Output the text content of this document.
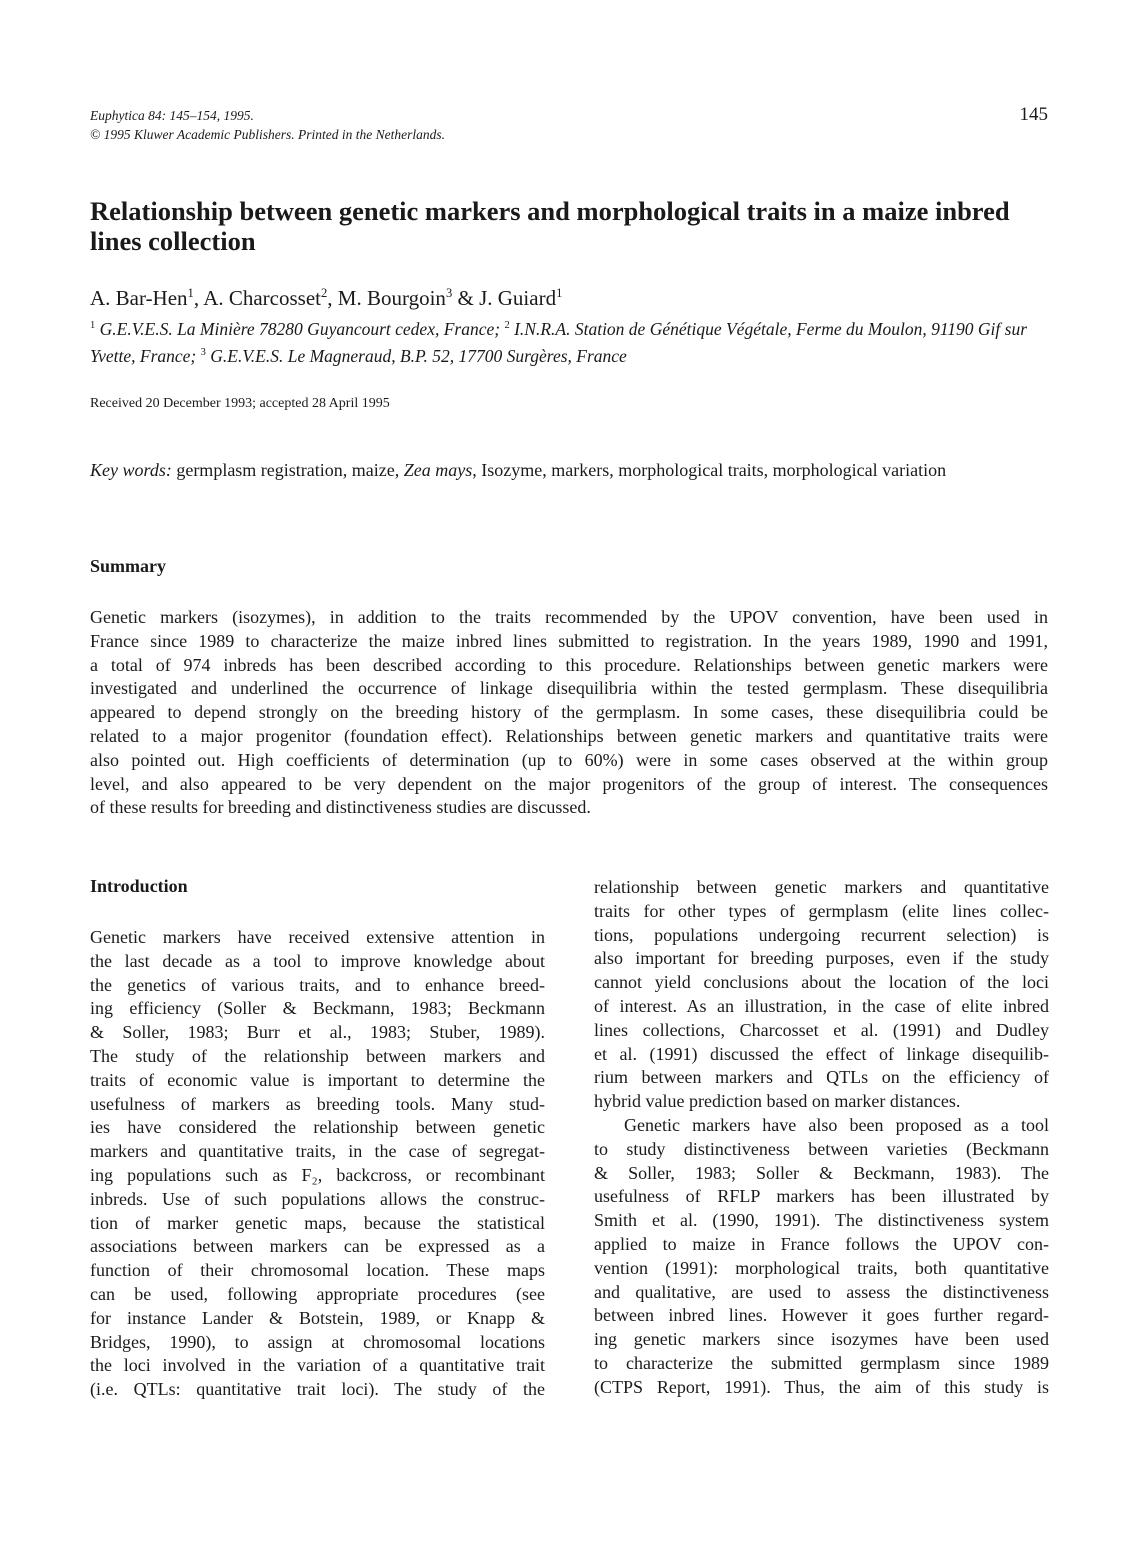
Euphytica 84: 145–154, 1995.
© 1995 Kluwer Academic Publishers. Printed in the Netherlands.
145
Relationship between genetic markers and morphological traits in a maize inbred lines collection
A. Bar-Hen$^1$, A. Charcosset$^2$, M. Bourgoin$^3$ & J. Guiard$^1$
$^1$ G.E.V.E.S. La Minière 78280 Guyancourt cedex, France; $^2$ I.N.R.A. Station de Génétique Végétale, Ferme du Moulon, 91190 Gif sur Yvette, France; $^3$ G.E.V.E.S. Le Magneraud, B.P. 52, 17700 Surgères, France
Received 20 December 1993; accepted 28 April 1995
Key words: germplasm registration, maize, Zea mays, Isozyme, markers, morphological traits, morphological variation
Summary
Genetic markers (isozymes), in addition to the traits recommended by the UPOV convention, have been used in
France since 1989 to characterize the maize inbred lines submitted to registration. In the years 1989, 1990 and 1991,
a total of 974 inbreds has been described according to this procedure. Relationships between genetic markers were
investigated and underlined the occurrence of linkage disequilibria within the tested germplasm. These disequilibria
appeared to depend strongly on the breeding history of the germplasm. In some cases, these disequilibria could be
related to a major progenitor (foundation effect). Relationships between genetic markers and quantitative traits were
also pointed out. High coefficients of determination (up to 60%) were in some cases observed at the within group
level, and also appeared to be very dependent on the major progenitors of the group of interest. The consequences
of these results for breeding and distinctiveness studies are discussed.
Introduction
Genetic markers have received extensive attention in
the last decade as a tool to improve knowledge about
the genetics of various traits, and to enhance breed-
ing efficiency (Soller & Beckmann, 1983; Beckmann
& Soller, 1983; Burr et al., 1983; Stuber, 1989).
The study of the relationship between markers and
traits of economic value is important to determine the
usefulness of markers as breeding tools. Many stud-
ies have considered the relationship between genetic
markers and quantitative traits, in the case of segregat-
ing populations such as F₂, backcross, or recombinant
inbreds. Use of such populations allows the construc-
tion of marker genetic maps, because the statistical
associations between markers can be expressed as a
function of their chromosomal location. These maps
can be used, following appropriate procedures (see
for instance Lander & Botstein, 1989, or Knapp &
Bridges, 1990), to assign at chromosomal locations
the loci involved in the variation of a quantitative trait
(i.e. QTLs: quantitative trait loci). The study of the
relationship between genetic markers and quantitative
traits for other types of germplasm (elite lines collec-
tions, populations undergoing recurrent selection) is
also important for breeding purposes, even if the study
cannot yield conclusions about the location of the loci
of interest. As an illustration, in the case of elite inbred
lines collections, Charcosset et al. (1991) and Dudley
et al. (1991) discussed the effect of linkage disequilib-
rium between markers and QTLs on the efficiency of
hybrid value prediction based on marker distances.
Genetic markers have also been proposed as a tool
to study distinctiveness between varieties (Beckmann
& Soller, 1983; Soller & Beckmann, 1983). The
usefulness of RFLP markers has been illustrated by
Smith et al. (1990, 1991). The distinctiveness system
applied to maize in France follows the UPOV con-
vention (1991): morphological traits, both quantitative
and qualitative, are used to assess the distinctiveness
between inbred lines. However it goes further regard-
ing genetic markers since isozymes have been used
to characterize the submitted germplasm since 1989
(CTPS Report, 1991). Thus, the aim of this study is
